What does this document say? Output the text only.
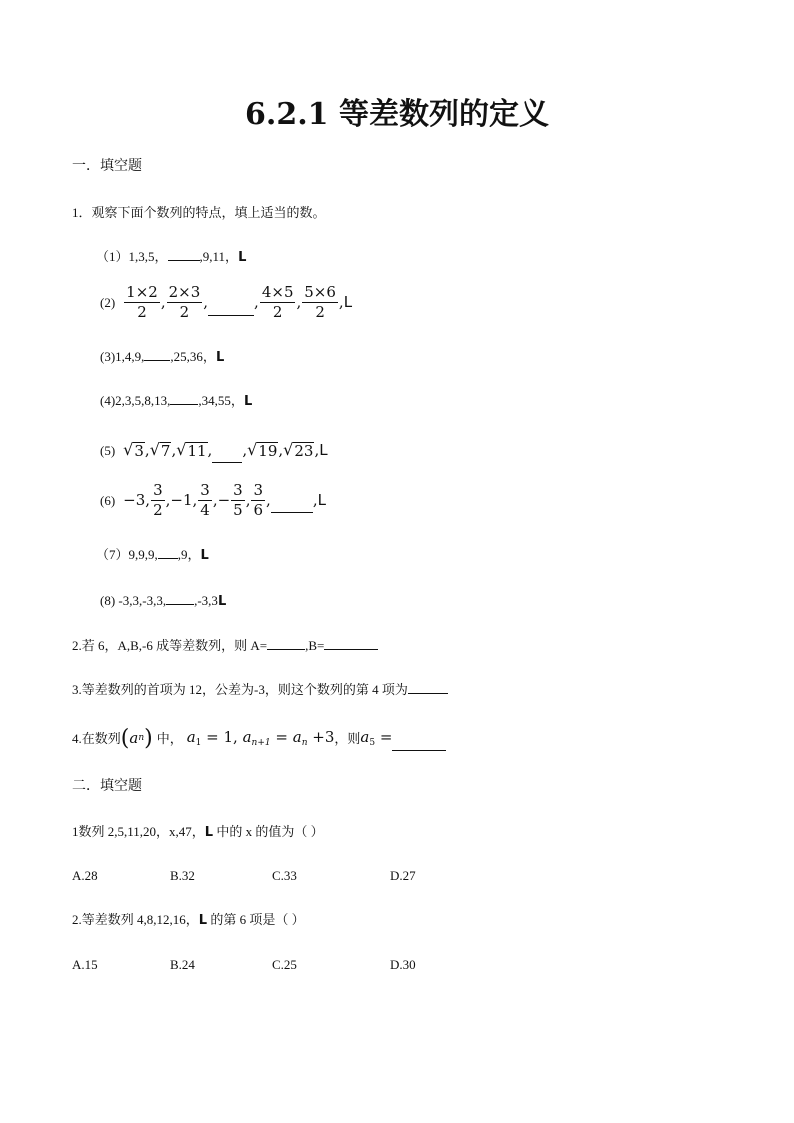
6.2.1 等差数列的定义
一．填空题
1．观察下面个数列的特点，填上适当的数。
（1）1,3,5， ,9,11，L
$(2) \frac{1\times 2}{2}$ , $\frac{2\times 3}{2}$ ,	, $\frac{4\times 5}{2}$ , $\frac{5\times 6}{2}$ , L
(3)1,4,9, ,25,36，L
(4)2,3,5,8,13, ,34,55，L
(5) √ 3 , √ 7 , √ 11 , , √ 19 , √ 23 , L
(6) −3, $\frac{3}{2} ,-1$, $\frac{3}{4}$ ,− $\frac{3}{5}$ , $\frac{3}{6}$ ,	, L
（7）9,9,9, ,9，L
(8) -3,3,-3,3, ,-3,3L
2.若 6，A,B,-6 成等差数列，则 A=	,B=
3.等差数列的首项为 12，公差为-3，则这个数列的第 4 项为
4.在数列 ( a n ) 中， $a_1 = 1$, $a_{n+1} = a_n +3$ ，则 $a_5$ =
二．填空题
1数列 2,5,11,20，x,47，L 中的 x 的值为（ ）
A.28	B.32	C.33	D.27
2.等差数列 4,8,12,16，L 的第 6 项是（ ）
A.15	B.24	C.25	D.30
